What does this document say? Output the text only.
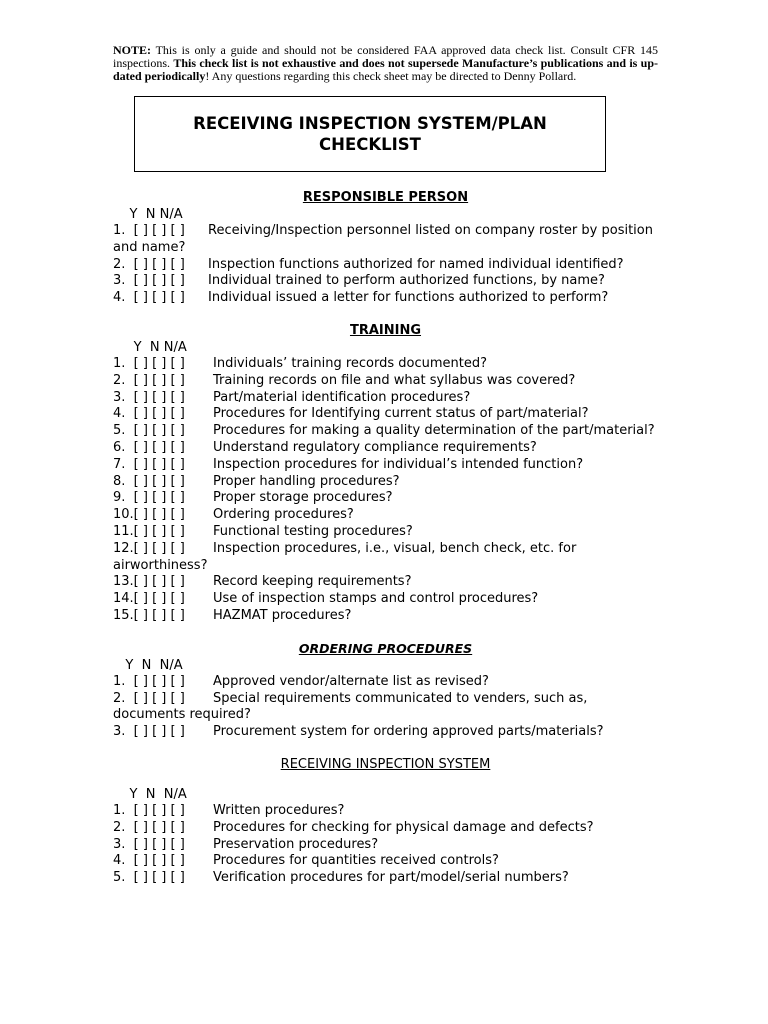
NOTE: This is only a guide and should not be considered FAA approved data check list. Consult CFR 145 inspections. This check list is not exhaustive and does not supersede Manufacture’s publications and is up-dated periodically! Any questions regarding this check sheet may be directed to Denny Pollard.

RECEIVING INSPECTION SYSTEM/PLAN
CHECKLIST

RESPONSIBLE PERSON

Y  N N/A

1.  [ ] [ ] [ ] Receiving/Inspection personnel listed on company roster by position and name?

2.  [ ] [ ] [ ] Inspection functions authorized for named individual identified?

3.  [ ] [ ] [ ] Individual trained to perform authorized functions, by name?

4.  [ ] [ ] [ ] Individual issued a letter for functions authorized to perform?

TRAINING

Y  N N/A

1.  [ ] [ ] [ ] Individuals’ training records documented?

2.  [ ] [ ] [ ] Training records on file and what syllabus was covered?

3.  [ ] [ ] [ ] Part/material identification procedures?

4.  [ ] [ ] [ ] Procedures for Identifying current status of part/material?

5.  [ ] [ ] [ ] Procedures for making a quality determination of the part/material?

6.  [ ] [ ] [ ] Understand regulatory compliance requirements?

7.  [ ] [ ] [ ] Inspection procedures for individual’s intended function?

8.  [ ] [ ] [ ] Proper handling procedures?

9.  [ ] [ ] [ ] Proper storage procedures?

10.[ ] [ ] [ ] Ordering procedures?

11.[ ] [ ] [ ] Functional testing procedures?

12.[ ] [ ] [ ] Inspection procedures, i.e., visual, bench check, etc. for airworthiness?

13.[ ] [ ] [ ] Record keeping requirements?

14.[ ] [ ] [ ] Use of inspection stamps and control procedures?

15.[ ] [ ] [ ] HAZMAT procedures?

ORDERING PROCEDURES

Y  N  N/A

1.  [ ] [ ] [ ] Approved vendor/alternate list as revised?

2.  [ ] [ ] [ ] Special requirements communicated to venders, such as, documents required?

3.  [ ] [ ] [ ] Procurement system for ordering approved parts/materials?

RECEIVING INSPECTION SYSTEM

Y  N  N/A

1.  [ ] [ ] [ ] Written procedures?

2.  [ ] [ ] [ ] Procedures for checking for physical damage and defects?

3.  [ ] [ ] [ ] Preservation procedures?

4.  [ ] [ ] [ ] Procedures for quantities received controls?

5.  [ ] [ ] [ ] Verification procedures for part/model/serial numbers?
